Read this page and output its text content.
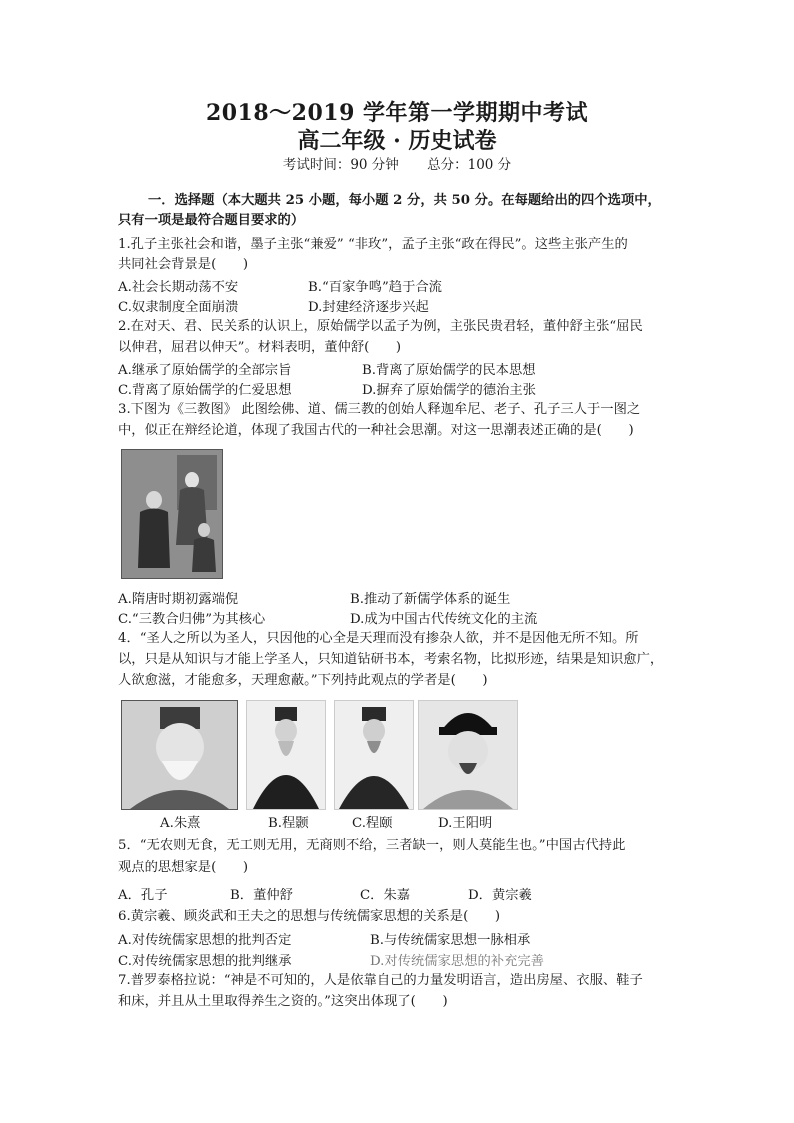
2018～2019 学年第一学期期中考试
高二年级 · 历史试卷
考试时间：90 分钟 总分：100 分
一．选择题（本大题共 25 小题，每小题 2 分，共 50 分。在每题给出的四个选项中，
只有一项是最符合题目要求的）
1.孔子主张社会和谐，墨子主张“兼爱” “非玫”，孟子主张“政在得民”。这些主张产生的
共同社会背景是(　　)
A.社会长期动荡不安	B.“百家争鸣”趋于合流
C.奴隶制度全面崩溃	D.封建经济逐步兴起
2.在对天、君、民关系的认识上，原始儒学以孟子为例，主张民贵君轻，董仲舒主张“屈民
以伸君，屈君以伸天”。材料表明，董仲舒(　　)
A.继承了原始儒学的全部宗旨	B.背离了原始儒学的民本思想
C.背离了原始儒学的仁爱思想	D.摒弃了原始儒学的德治主张
3.下图为《三教图》 此图绘佛、道、儒三教的创始人释迦牟尼、老子、孔子三人于一图之
中，似正在辩经论道，体现了我国古代的一种社会思潮。对这一思潮表述正确的是(　　)
A.隋唐时期初露端倪	B.推动了新儒学体系的诞生
C.“三教合归佛”为其核心	D.成为中国古代传统文化的主流
4．“圣人之所以为圣人，只因他的心全是天理而没有掺杂人欲，并不是因他无所不知。所
以，只是从知识与才能上学圣人，只知道钻研书本，考索名物，比拟形迹，结果是知识愈广，
人欲愈滋，才能愈多，天理愈蔽。”下列持此观点的学者是(　　)
A.朱熹	B.程颢	C.程颐	D.王阳明
5．“无农则无食，无工则无用，无商则不给，三者缺一，则人莫能生也。”中国古代持此
观点的思想家是(　　)
A．孔子	B．董仲舒	C．朱嘉	D．黄宗羲
6.黄宗羲、顾炎武和王夫之的思想与传统儒家思想的关系是(　　)
A.对传统儒家思想的批判否定	B.与传统儒家思想一脉相承
C.对传统儒家思想的批判继承	D.对传统儒家思想的补充完善
7.普罗泰格拉说：“神是不可知的，人是依靠自己的力量发明语言，造出房屋、衣服、鞋子
和床，并且从土里取得养生之资的。”这突出体现了(　　)
